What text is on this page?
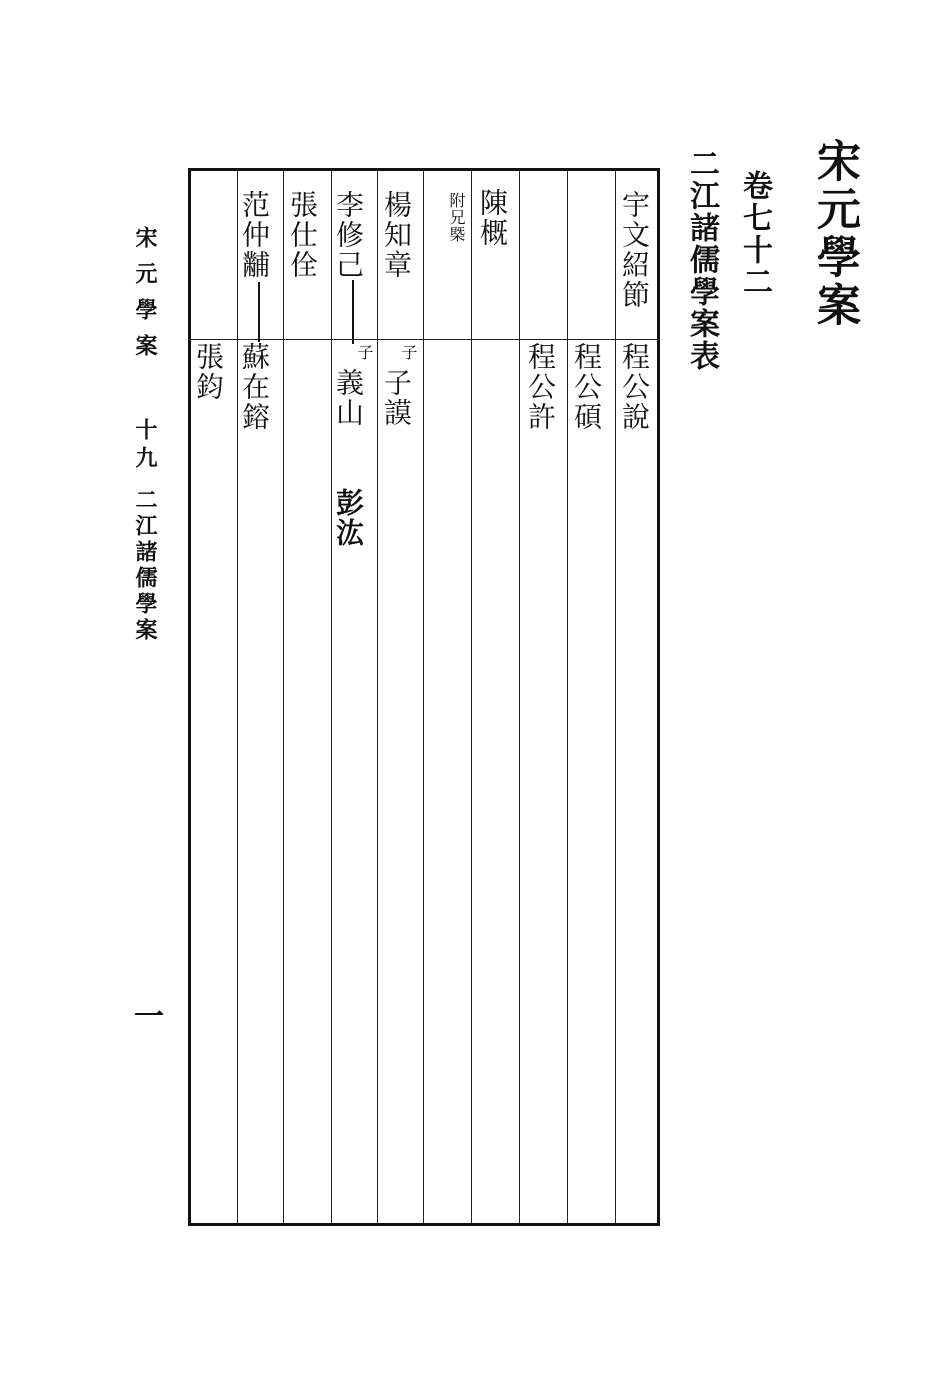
宋元學案
卷七十二
二江諸儒學案表
宋元學案
十九
二江諸儒學案
一
宇文紹節
程公說
程公碩
程公許
陳概
附兄槩
楊知章
子
子謨
李修己
子
義山
彭汯
張仕佺
范仲黼
蘇在鎔
張鈞
